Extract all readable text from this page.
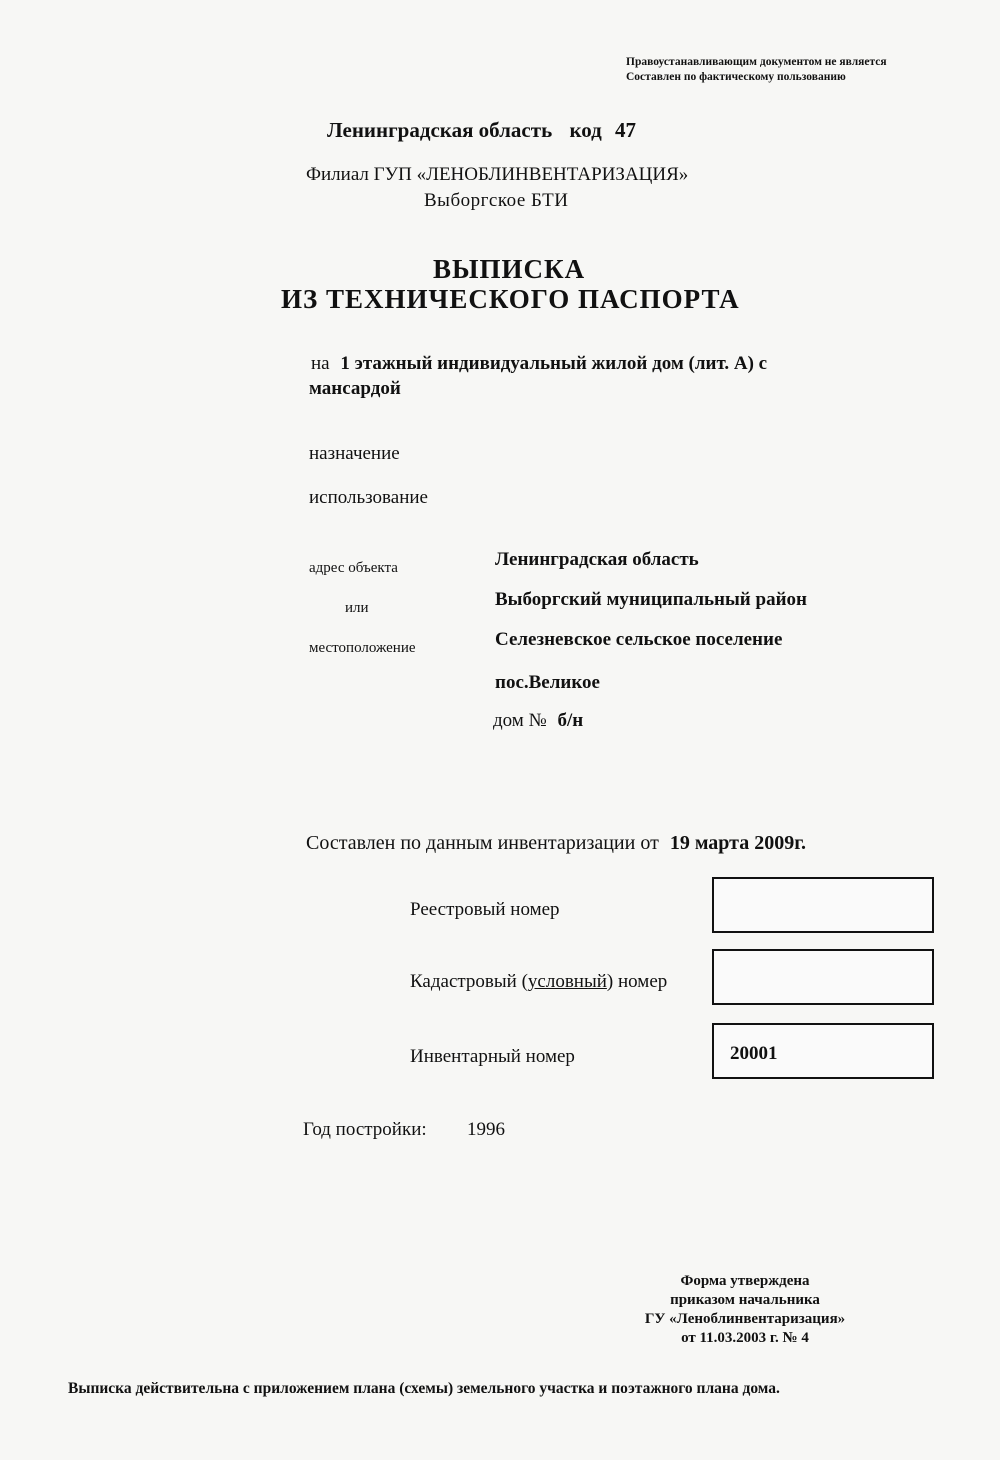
Правоустанавливающим документом не является
Составлен по фактическому пользованию
Ленинградская область код 47
Филиал ГУП «ЛЕНОБЛИНВЕНТАРИЗАЦИЯ»
Выборгское БТИ
ВЫПИСКА
ИЗ ТЕХНИЧЕСКОГО ПАСПОРТА
на 1 этажный индивидуальный жилой дом (лит. А) с
мансардой
назначение
использование
адрес объекта
или
местоположение
Ленинградская область
Выборгский муниципальный район
Селезневское сельское поселение
пос.Великое
дом № б/н
Составлен по данным инвентаризации от 19 марта 2009г.
Реестровый номер
Кадастровый (условный) номер
Инвентарный номер	20001
Год постройки: 1996
Форма утверждена
приказом начальника
ГУ «Леноблинвентаризация»
от 11.03.2003 г. № 4
Выписка действительна с приложением плана (схемы) земельного участка и поэтажного плана дома.
